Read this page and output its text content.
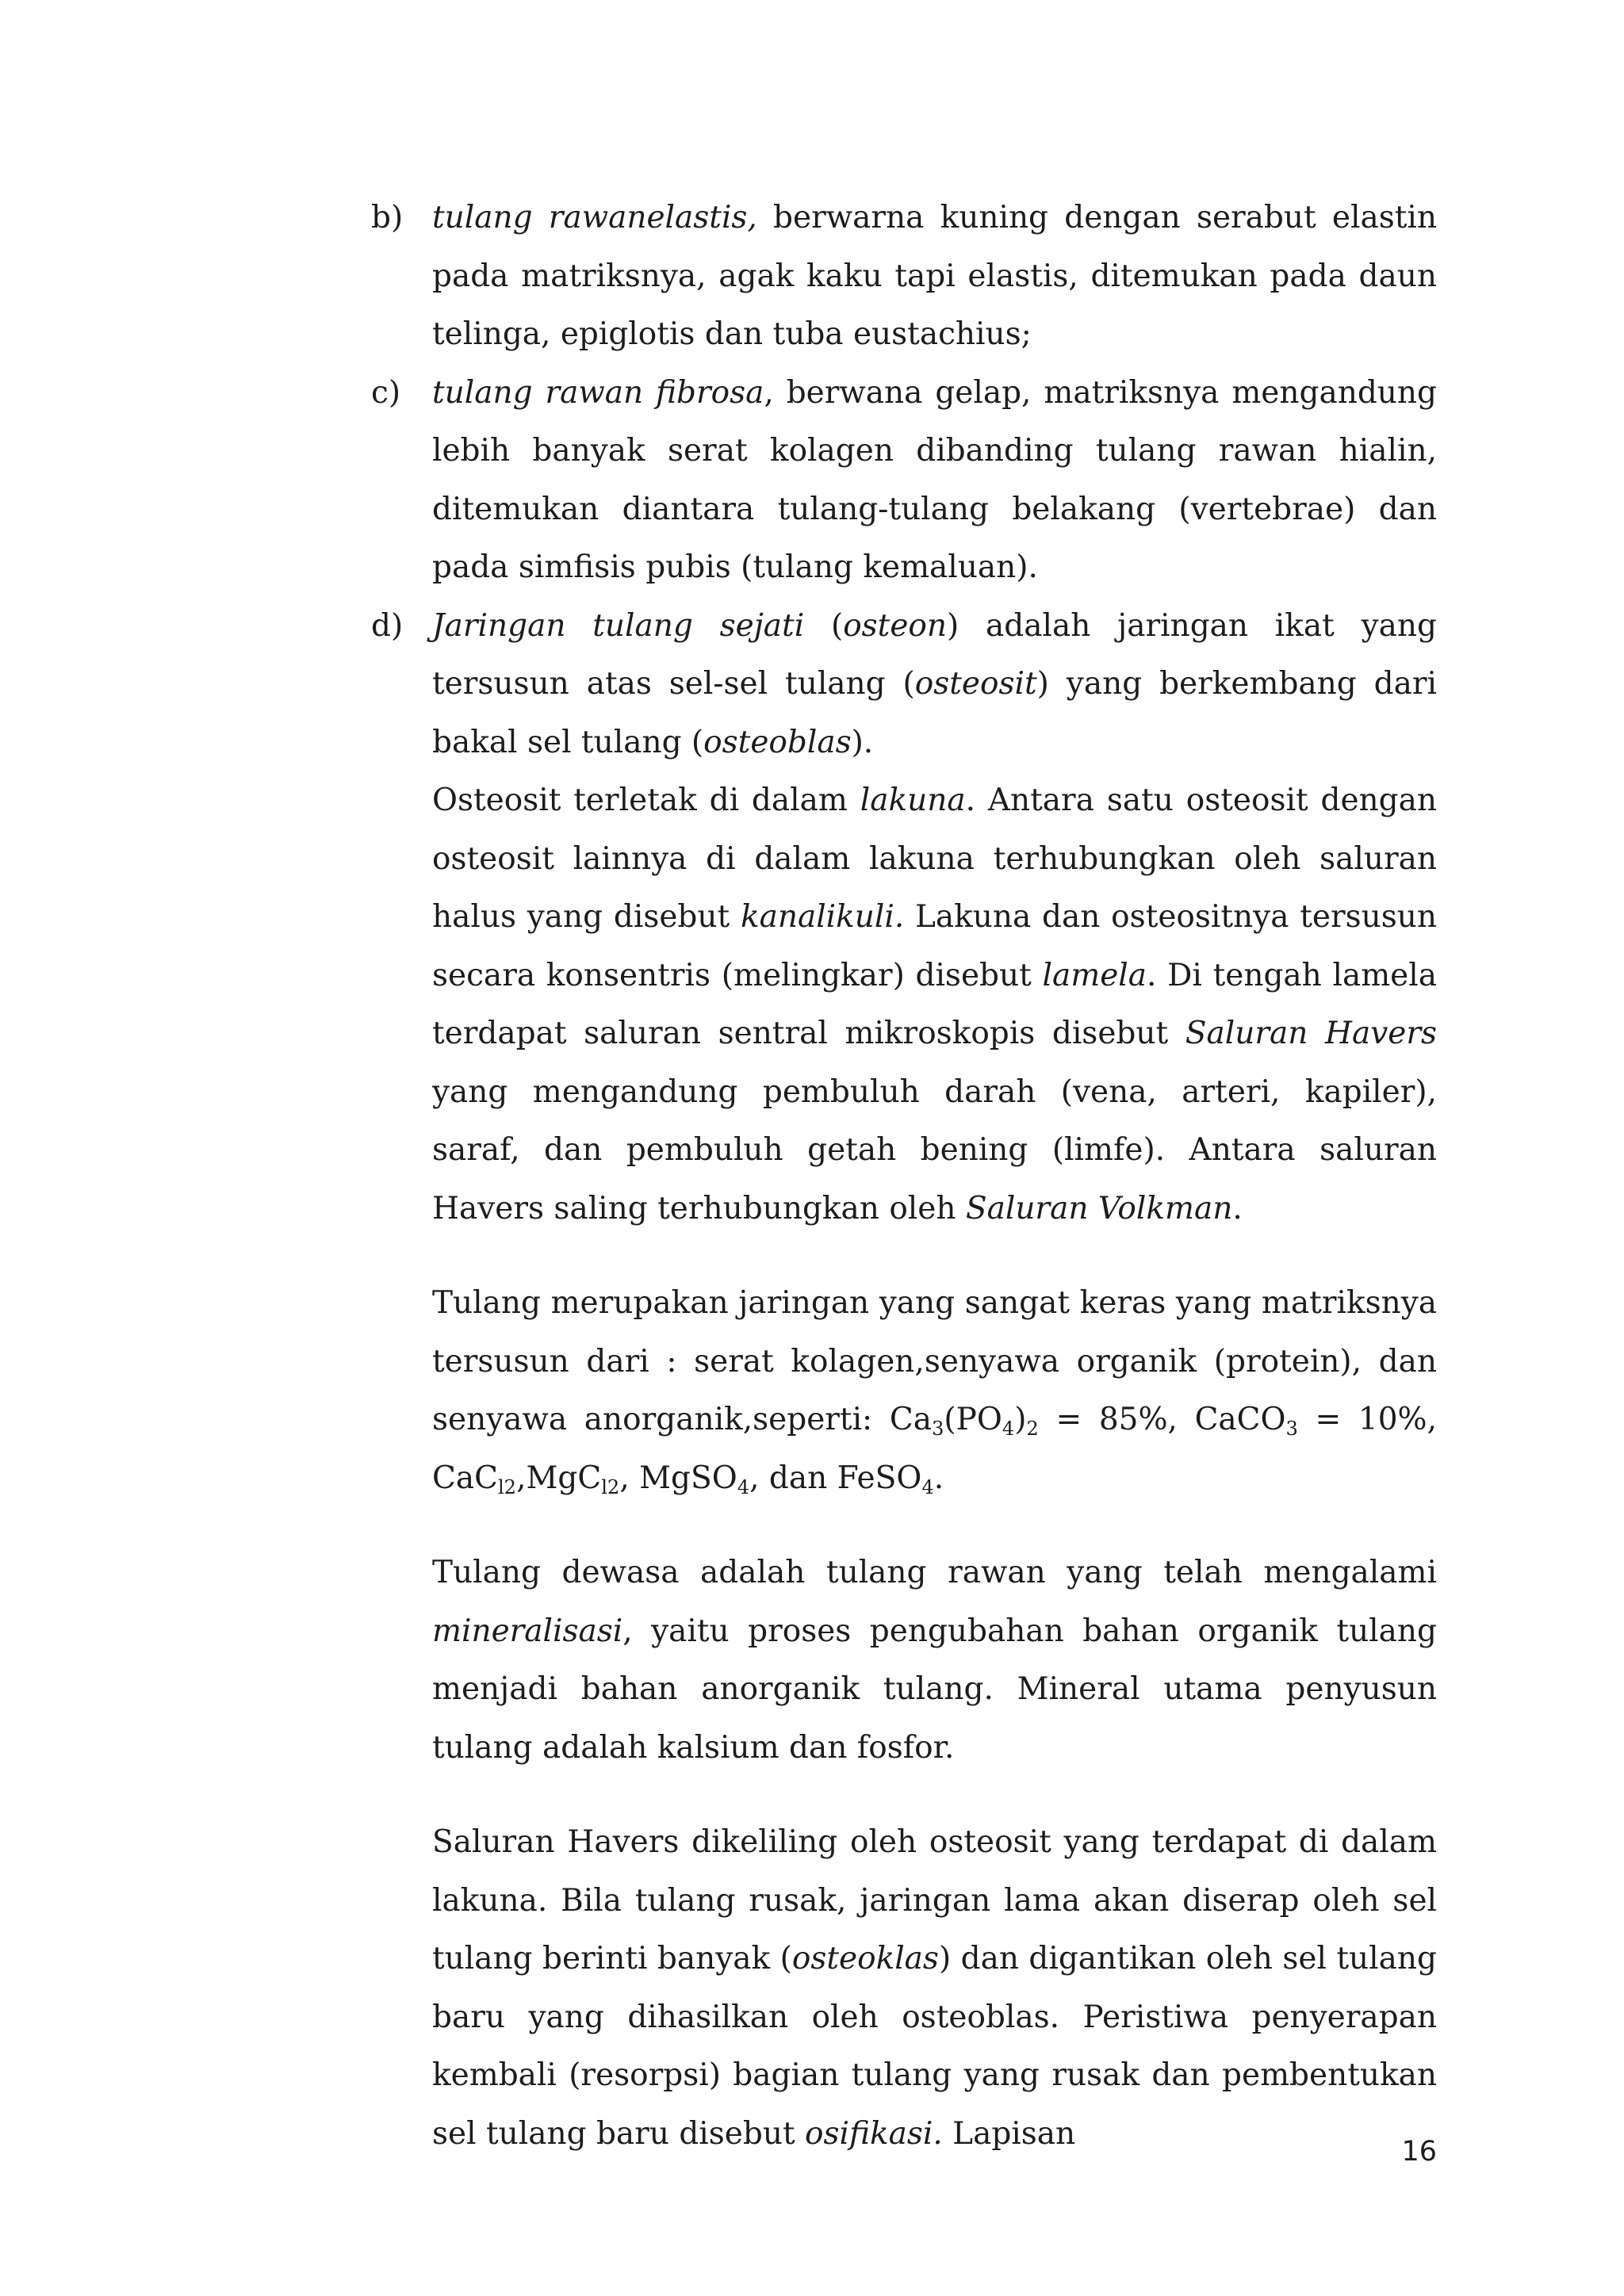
b) tulang rawanelastis, berwarna kuning dengan serabut elastin pada matriksnya, agak kaku tapi elastis, ditemukan pada daun telinga, epiglotis dan tuba eustachius;

c) tulang rawan fibrosa, berwana gelap, matriksnya mengandung lebih banyak serat kolagen dibanding tulang rawan hialin, ditemukan diantara tulang-tulang belakang (vertebrae) dan pada simfisis pubis (tulang kemaluan).

d) Jaringan tulang sejati (osteon) adalah jaringan ikat yang tersusun atas sel-sel tulang (osteosit) yang berkembang dari bakal sel tulang (osteoblas).

Osteosit terletak di dalam lakuna. Antara satu osteosit dengan osteosit lainnya di dalam lakuna terhubungkan oleh saluran halus yang disebut kanalikuli. Lakuna dan osteositnya tersusun secara konsentris (melingkar) disebut lamela. Di tengah lamela terdapat saluran sentral mikroskopis disebut Saluran Havers yang mengandung pembuluh darah (vena, arteri, kapiler), saraf, dan pembuluh getah bening (limfe). Antara saluran Havers saling terhubungkan oleh Saluran Volkman.

Tulang merupakan jaringan yang sangat keras yang matriksnya tersusun dari : serat kolagen,senyawa organik (protein), dan senyawa anorganik,seperti: $Ca_3(PO_4)_2 = 85\%$, CaCO$_3$ = 10%, CaC$_{l2}$,MgC$_{l2}$, MgSO$_4$, dan FeSO$_4$.

Tulang dewasa adalah tulang rawan yang telah mengalami mineralisasi, yaitu proses pengubahan bahan organik tulang menjadi bahan anorganik tulang. Mineral utama penyusun tulang adalah kalsium dan fosfor.

Saluran Havers dikeliling oleh osteosit yang terdapat di dalam lakuna. Bila tulang rusak, jaringan lama akan diserap oleh sel tulang berinti banyak (osteoklas) dan digantikan oleh sel tulang baru yang dihasilkan oleh osteoblas. Peristiwa penyerapan kembali (resorpsi) bagian tulang yang rusak dan pembentukan sel tulang baru disebut osifikasi. Lapisan

16
